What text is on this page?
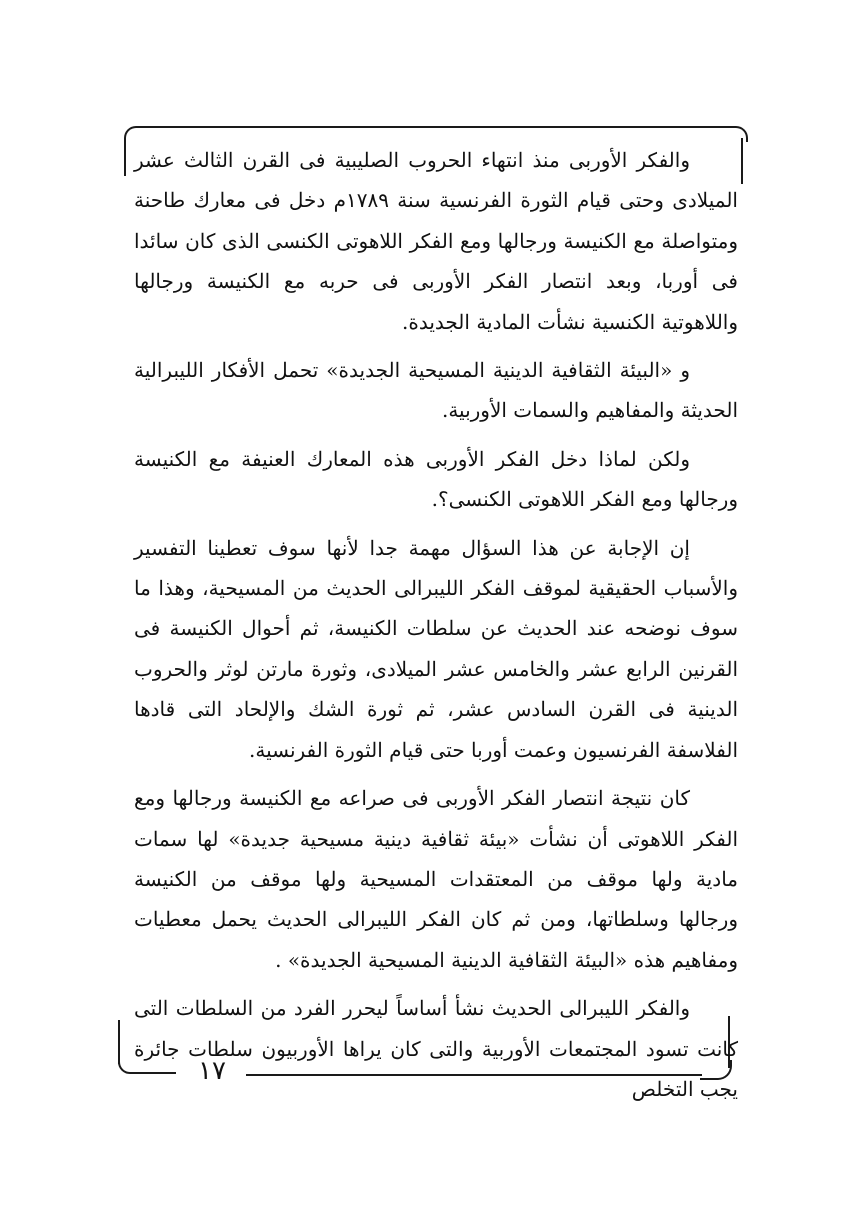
والفكر الأوربى منذ انتهاء الحروب الصليبية فى القرن الثالث عشر الميلادى وحتى قيام الثورة الفرنسية سنة ١٧٨٩م دخل فى معارك طاحنة ومتواصلة مع الكنيسة ورجالها ومع الفكر اللاهوتى الكنسى الذى كان سائدا فى أوربا، وبعد انتصار الفكر الأوربى فى حربه مع الكنيسة ورجالها واللاهوتية الكنسية نشأت المادية الجديدة.

و «البيئة الثقافية الدينية المسيحية الجديدة» تحمل الأفكار الليبرالية الحديثة والمفاهيم والسمات الأوربية.

ولكن لماذا دخل الفكر الأوربى هذه المعارك العنيفة مع الكنيسة ورجالها ومع الفكر اللاهوتى الكنسى؟.

إن الإجابة عن هذا السؤال مهمة جدا لأنها سوف تعطينا التفسير والأسباب الحقيقية لموقف الفكر الليبرالى الحديث من المسيحية، وهذا ما سوف نوضحه عند الحديث عن سلطات الكنيسة، ثم أحوال الكنيسة فى القرنين الرابع عشر والخامس عشر الميلادى، وثورة مارتن لوثر والحروب الدينية فى القرن السادس عشر، ثم ثورة الشك والإلحاد التى قادها الفلاسفة الفرنسيون وعمت أوربا حتى قيام الثورة الفرنسية.

كان نتيجة انتصار الفكر الأوربى فى صراعه مع الكنيسة ورجالها ومع الفكر اللاهوتى أن نشأت «بيئة ثقافية دينية مسيحية جديدة» لها سمات مادية ولها موقف من المعتقدات المسيحية ولها موقف من الكنيسة ورجالها وسلطاتها، ومن ثم كان الفكر الليبرالى الحديث يحمل معطيات ومفاهيم هذه «البيئة الثقافية الدينية المسيحية الجديدة» .

والفكر الليبرالى الحديث نشأ أساساً ليحرر الفرد من السلطات التى كانت تسود المجتمعات الأوربية والتى كان يراها الأوربيون سلطات جائرة يجب التخلص

١٧
